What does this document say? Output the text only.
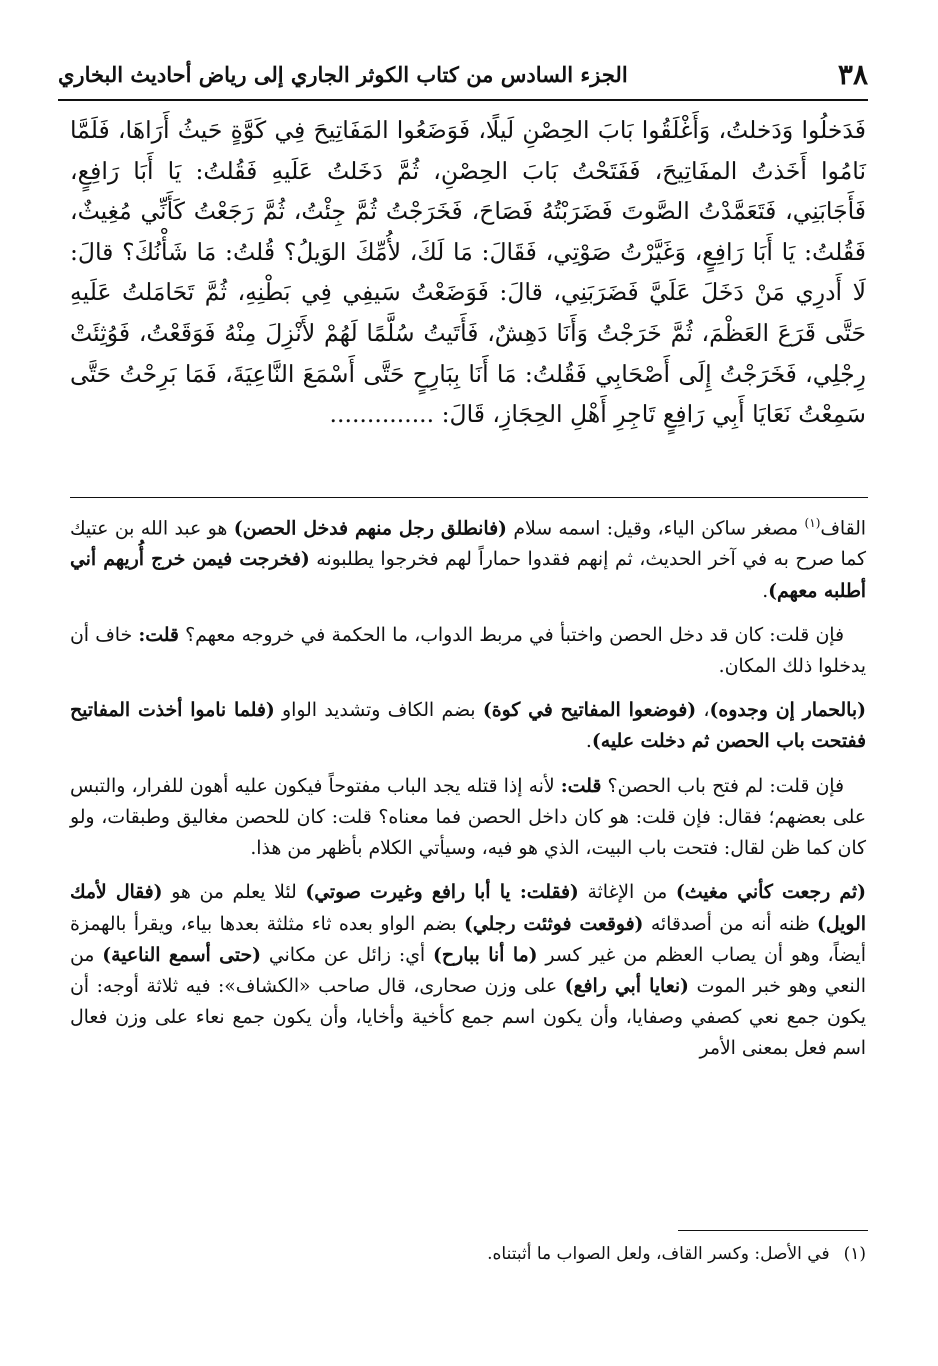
٣٨
الجزء السادس من كتاب الكوثر الجاري إلى رياض أحاديث البخاري
فَدَخلُوا وَدَخلتُ، وَأَغْلَقُوا بَابَ الحِصْنِ لَيلًا، فَوَضَعُوا المَفَاتِيحَ فِي كَوَّةٍ حَيثُ أَرَاهَا، فَلَمَّا نَامُوا أَخَذتُ المفَاتِيحَ، فَفَتَحْتُ بَابَ الحِصْنِ، ثُمَّ دَخَلتُ عَلَيهِ فَقُلتُ: يَا أَبَا رَافِعٍ، فَأَجَابَنِي، فَتَعَمَّدْتُ الصَّوتَ فَضَرَبْتُهُ فَصَاحَ، فَخَرَجْتُ ثُمَّ جِئْتُ، ثُمَّ رَجَعْتُ كَأَنِّي مُغِيثٌ، فَقُلتُ: يَا أَبَا رَافِعٍ، وَغَيَّرْتُ صَوْتِي، فَقَالَ: مَا لَكَ، لأُمِّكَ الوَيلُ؟ قُلتُ: مَا شَأْنُكَ؟ قالَ: لَا أَدرِي مَنْ دَخَلَ عَلَيَّ فَضَرَبَنِي، قالَ: فَوَضَعْتُ سَيفِي فِي بَطْنِهِ، ثُمَّ تَحَامَلتُ عَلَيهِ حَتَّى قَرَعَ العَظْمَ، ثُمَّ خَرَجْتُ وَأَنَا دَهِشٌ، فَأَتَيتُ سُلَّمًا لَهُمْ لأَنْزِلَ مِنْهُ فَوَقَعْتُ، فَوُثِئَتْ رِجْلِي، فَخَرَجْتُ إِلَى أَصْحَابِي فَقُلتُ: مَا أَنَا بِبَارِحٍ حَتَّى أَسْمَعَ النَّاعِيَةَ، فَمَا بَرِحْتُ حَتَّى سَمِعْتُ نَعَايَا أَبِي رَافِعٍ تَاجِرِ أَهْلِ الحِجَازِ، قَالَ: ..............

القاف$^{(١)}$ مصغر ساكن الياء، وقيل: اسمه سلام (فانطلق رجل منهم فدخل الحصن) هو عبد الله بن عتيك كما صرح به في آخر الحديث، ثم إنهم فقدوا حماراً لهم فخرجوا يطلبونه (فخرجت فيمن خرج أُريهم أني أطلبه معهم).

فإن قلت: كان قد دخل الحصن واختبأ في مربط الدواب، ما الحكمة في خروجه معهم؟ قلت: خاف أن يدخلوا ذلك المكان.

(بالحمار إن وجدوه)، (فوضعوا المفاتيح في كوة) بضم الكاف وتشديد الواو (فلما ناموا أخذت المفاتيح ففتحت باب الحصن ثم دخلت عليه).

فإن قلت: لم فتح باب الحصن؟ قلت: لأنه إذا قتله يجد الباب مفتوحاً فيكون عليه أهون للفرار، والتبس على بعضهم؛ فقال: فإن قلت: هو كان داخل الحصن فما معناه؟ قلت: كان للحصن مغاليق وطبقات، ولو كان كما ظن لقال: فتحت باب البيت، الذي هو فيه، وسيأتي الكلام بأظهر من هذا.

(ثم رجعت كأني مغيث) من الإغاثة (فقلت: يا أبا رافع وغيرت صوتي) لئلا يعلم من هو (فقال لأمك الويل) ظنه أنه من أصدقائه (فوقعت فوثئت رجلي) بضم الواو بعده ثاء مثلثة بعدها بياء، ويقرأ بالهمزة أيضاً، وهو أن يصاب العظم من غير كسر (ما أنا ببارح) أي: زائل عن مكاني (حتى أسمع الناعية) من النعي وهو خبر الموت (نعايا أبي رافع) على وزن صحارى، قال صاحب «الكشاف»: فيه ثلاثة أوجه: أن يكون جمع نعي كصفي وصفايا، وأن يكون اسم جمع كأخية وأخايا، وأن يكون جمع نعاء على وزن فعال اسم فعل بمعنى الأمر

(١)في الأصل: وكسر القاف، ولعل الصواب ما أثبتناه.
